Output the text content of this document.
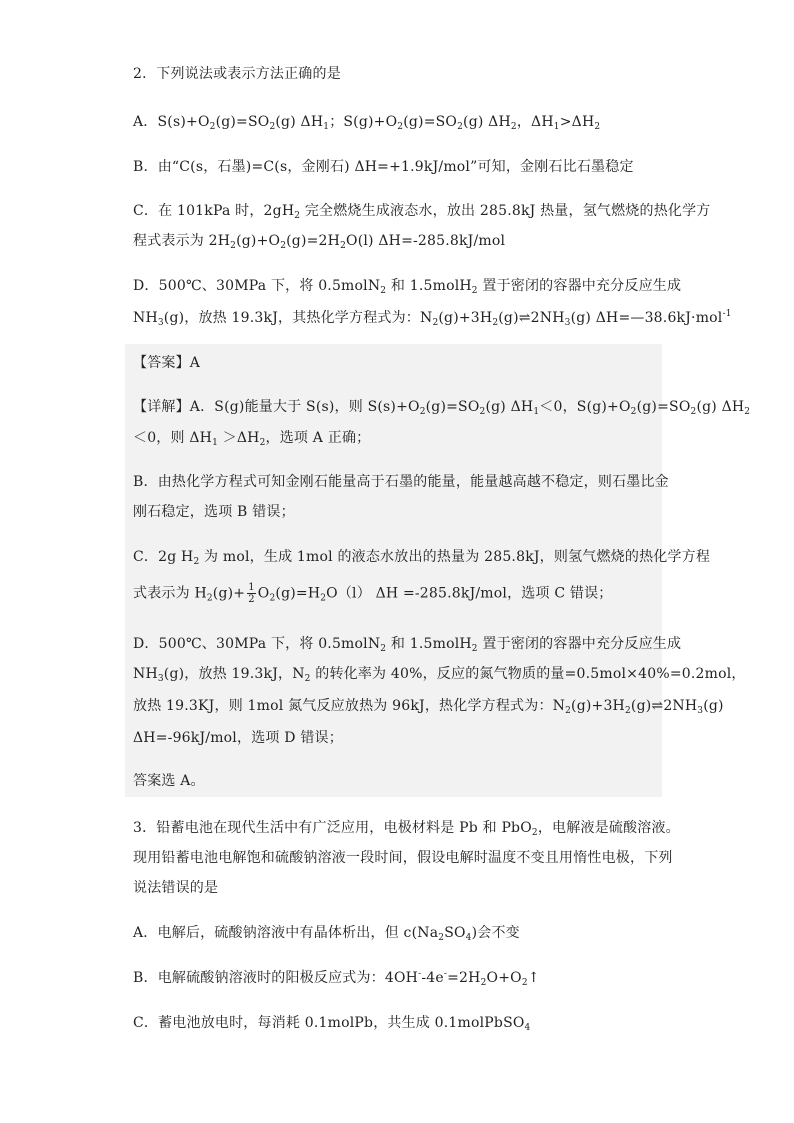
2．下列说法或表示方法正确的是
A．$S(s)+O_2(g)=SO_2(g)$ $\Delta H_1$；$S(g)+O_2(g)=SO_2(g)$ $\Delta H_2$，$\Delta H_1>\Delta H_2$
B．由“C(s，石墨)=C(s，金刚石) ΔH=+1.9kJ/mol”可知，金刚石比石墨稳定
C．在 101kPa 时，$2gH_2$ 完全燃烧生成液态水，放出 285.8kJ 热量，氢气燃烧的热化学方
程式表示为 $2H_2(g)+O_2(g)=2H_2O(l)$ ΔH=-285.8kJ/mol
D．500℃、30MPa 下，将 0.5molN$_2$ 和 1.5molH$_2$ 置于密闭的容器中充分反应生成
$NH_3(g)$，放热 19.3kJ，其热化学方程式为：$N_2(g)+3H_2(g)\rightleftharpoons 2NH_3(g)$ ΔH=—38.6kJ·mol$^{-1}$
【答案】A
【详解】A．S(g)能量大于 S(s)，则 $S(s)+O_2(g)=SO_2(g)$ $\Delta H_1<0$，$S(g)+O_2(g)=SO_2(g)$ $\Delta H_2$
＜0，则 $\Delta H_1 >\Delta H_2$，选项 A 正确；
B．由热化学方程式可知金刚石能量高于石墨的能量，能量越高越不稳定，则石墨比金
刚石稳定，选项 B 错误；
C．2g $H_2$ 为 mol，生成 1mol 的液态水放出的热量为 285.8kJ，则氢气燃烧的热化学方程
式表示为 $H_2(g)+ \frac{1}{2} O_2(g)=H_2O(l)$ ΔH =-285.8kJ/mol，选项 C 错误；
D．500℃、30MPa 下，将 0.5molN$_2$ 和 1.5molH$_2$ 置于密闭的容器中充分反应生成
$NH_3(g)$，放热 19.3kJ，$N_2$ 的转化率为 40%，反应的氮气物质的量=0.5mol×40%=0.2mol，
放热 19.3KJ，则 1mol 氮气反应放热为 96kJ，热化学方程式为：$N_2(g)+3H_2(g)\rightleftharpoons 2NH_3(g)$
ΔH=-96kJ/mol，选项 D 错误；
答案选 A。
3．铅蓄电池在现代生活中有广泛应用，电极材料是 Pb 和 PbO$_2$，电解液是硫酸溶液。
现用铅蓄电池电解饱和硫酸钠溶液一段时间，假设电解时温度不变且用惰性电极，下列
说法错误的是
A．电解后，硫酸钠溶液中有晶体析出，但 $c(Na_2SO_4)$会不变
B．电解硫酸钠溶液时的阳极反应式为：$4OH^--4e^-=2H_2O+O_2↑$
C．蓄电池放电时，每消耗 0.1molPb，共生成 0.1molPbSO$_4$
